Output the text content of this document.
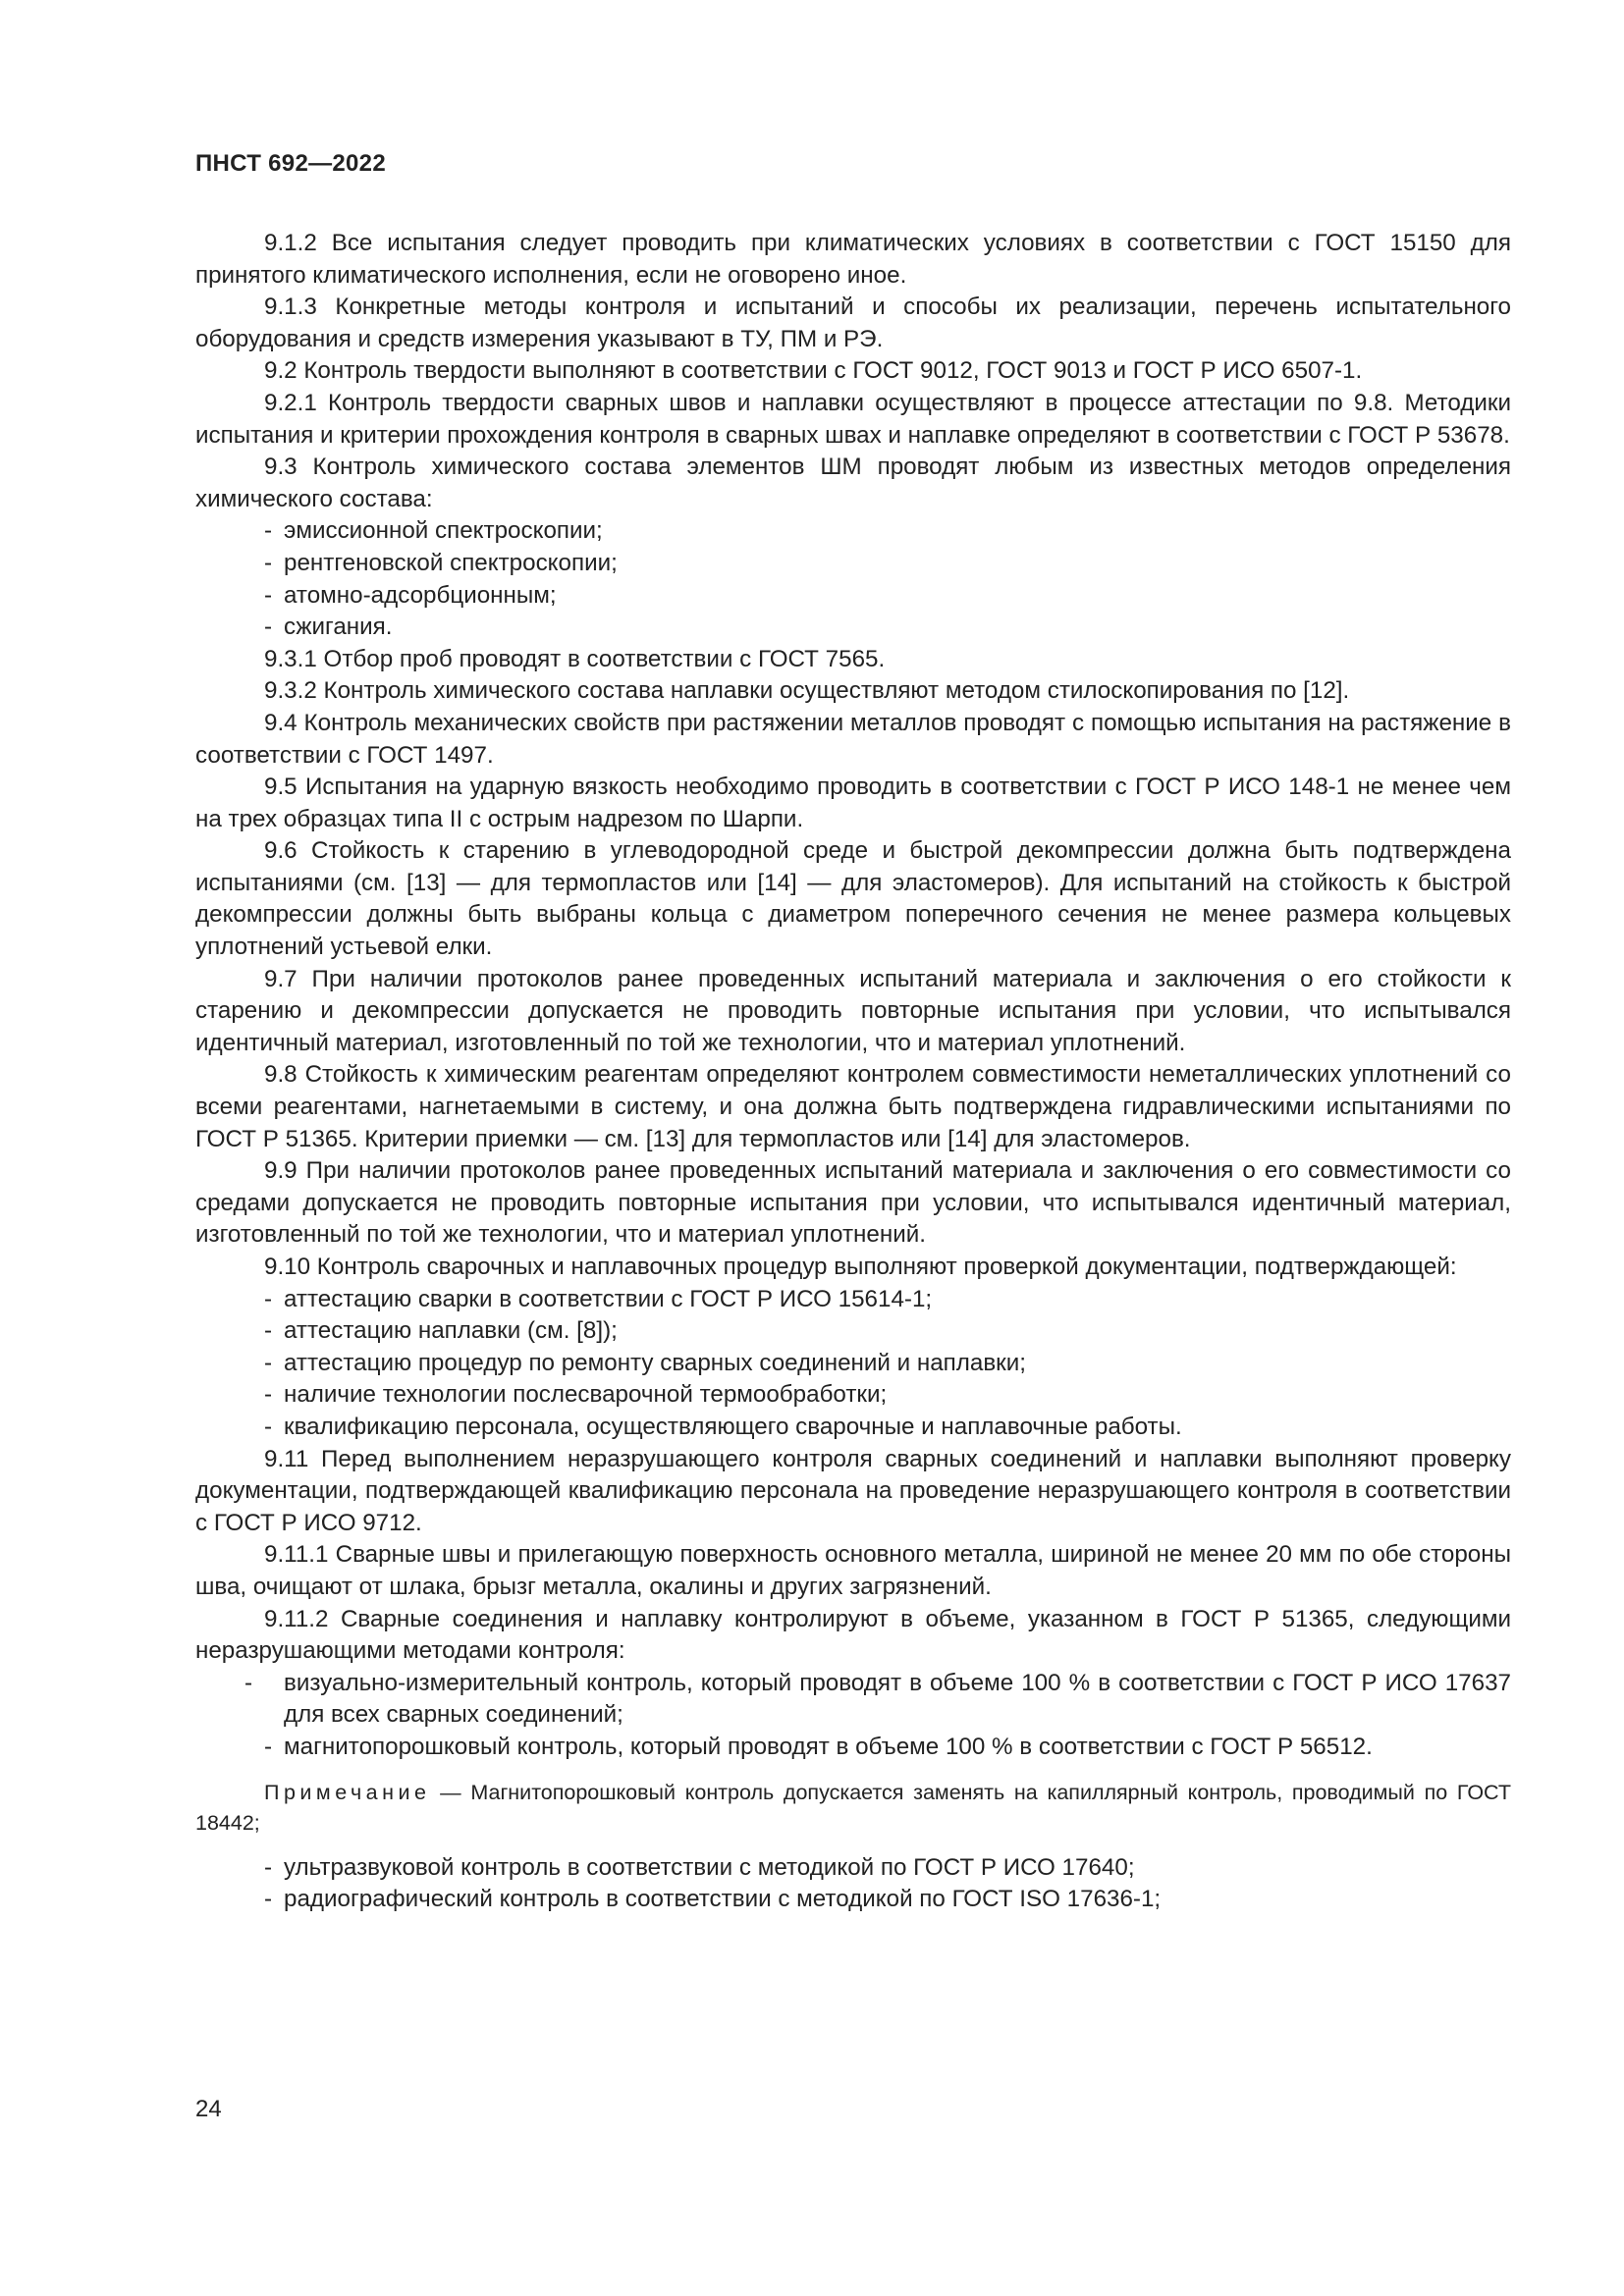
ПНСТ 692—2022

9.1.2 Все испытания следует проводить при климатических условиях в соответствии с ГОСТ 15150 для принятого климатического исполнения, если не оговорено иное.

9.1.3 Конкретные методы контроля и испытаний и способы их реализации, перечень испытательного оборудования и средств измерения указывают в ТУ, ПМ и РЭ.

9.2 Контроль твердости выполняют в соответствии с ГОСТ 9012, ГОСТ 9013 и ГОСТ Р ИСО 6507-1.

9.2.1 Контроль твердости сварных швов и наплавки осуществляют в процессе аттестации по 9.8. Методики испытания и критерии прохождения контроля в сварных швах и наплавке определяют в соответствии с ГОСТ Р 53678.

9.3 Контроль химического состава элементов ШМ проводят любым из известных методов определения химического состава:

- эмиссионной спектроскопии;

- рентгеновской спектроскопии;

- атомно-адсорбционным;

- сжигания.

9.3.1 Отбор проб проводят в соответствии с ГОСТ 7565.

9.3.2 Контроль химического состава наплавки осуществляют методом стилоскопирования по [12].

9.4 Контроль механических свойств при растяжении металлов проводят с помощью испытания на растяжение в соответствии с ГОСТ 1497.

9.5 Испытания на ударную вязкость необходимо проводить в соответствии с ГОСТ Р ИСО 148-1 не менее чем на трех образцах типа II с острым надрезом по Шарпи.

9.6 Стойкость к старению в углеводородной среде и быстрой декомпрессии должна быть подтверждена испытаниями (см. [13] — для термопластов или [14] — для эластомеров). Для испытаний на стойкость к быстрой декомпрессии должны быть выбраны кольца с диаметром поперечного сечения не менее размера кольцевых уплотнений устьевой елки.

9.7 При наличии протоколов ранее проведенных испытаний материала и заключения о его стойкости к старению и декомпрессии допускается не проводить повторные испытания при условии, что испытывался идентичный материал, изготовленный по той же технологии, что и материал уплотнений.

9.8 Стойкость к химическим реагентам определяют контролем совместимости неметаллических уплотнений со всеми реагентами, нагнетаемыми в систему, и она должна быть подтверждена гидравлическими испытаниями по ГОСТ Р 51365. Критерии приемки — см. [13] для термопластов или [14] для эластомеров.

9.9 При наличии протоколов ранее проведенных испытаний материала и заключения о его совместимости со средами допускается не проводить повторные испытания при условии, что испытывался идентичный материал, изготовленный по той же технологии, что и материал уплотнений.

9.10 Контроль сварочных и наплавочных процедур выполняют проверкой документации, подтверждающей:

- аттестацию сварки в соответствии с ГОСТ Р ИСО 15614-1;

- аттестацию наплавки (см. [8]);

- аттестацию процедур по ремонту сварных соединений и наплавки;

- наличие технологии послесварочной термообработки;

- квалификацию персонала, осуществляющего сварочные и наплавочные работы.

9.11 Перед выполнением неразрушающего контроля сварных соединений и наплавки выполняют проверку документации, подтверждающей квалификацию персонала на проведение неразрушающего контроля в соответствии с ГОСТ Р ИСО 9712.

9.11.1 Сварные швы и прилегающую поверхность основного металла, шириной не менее 20 мм по обе стороны шва, очищают от шлака, брызг металла, окалины и других загрязнений.

9.11.2 Сварные соединения и наплавку контролируют в объеме, указанном в ГОСТ Р 51365, следующими неразрушающими методами контроля:

- визуально-измерительный контроль, который проводят в объеме 100 % в соответствии с ГОСТ Р ИСО 17637 для всех сварных соединений;

- магнитопорошковый контроль, который проводят в объеме 100 % в соответствии с ГОСТ Р 56512.

Примечание — Магнитопорошковый контроль допускается заменять на капиллярный контроль, проводимый по ГОСТ 18442;

- ультразвуковой контроль в соответствии с методикой по ГОСТ Р ИСО 17640;

- радиографический контроль в соответствии с методикой по ГОСТ ISO 17636-1;

24
